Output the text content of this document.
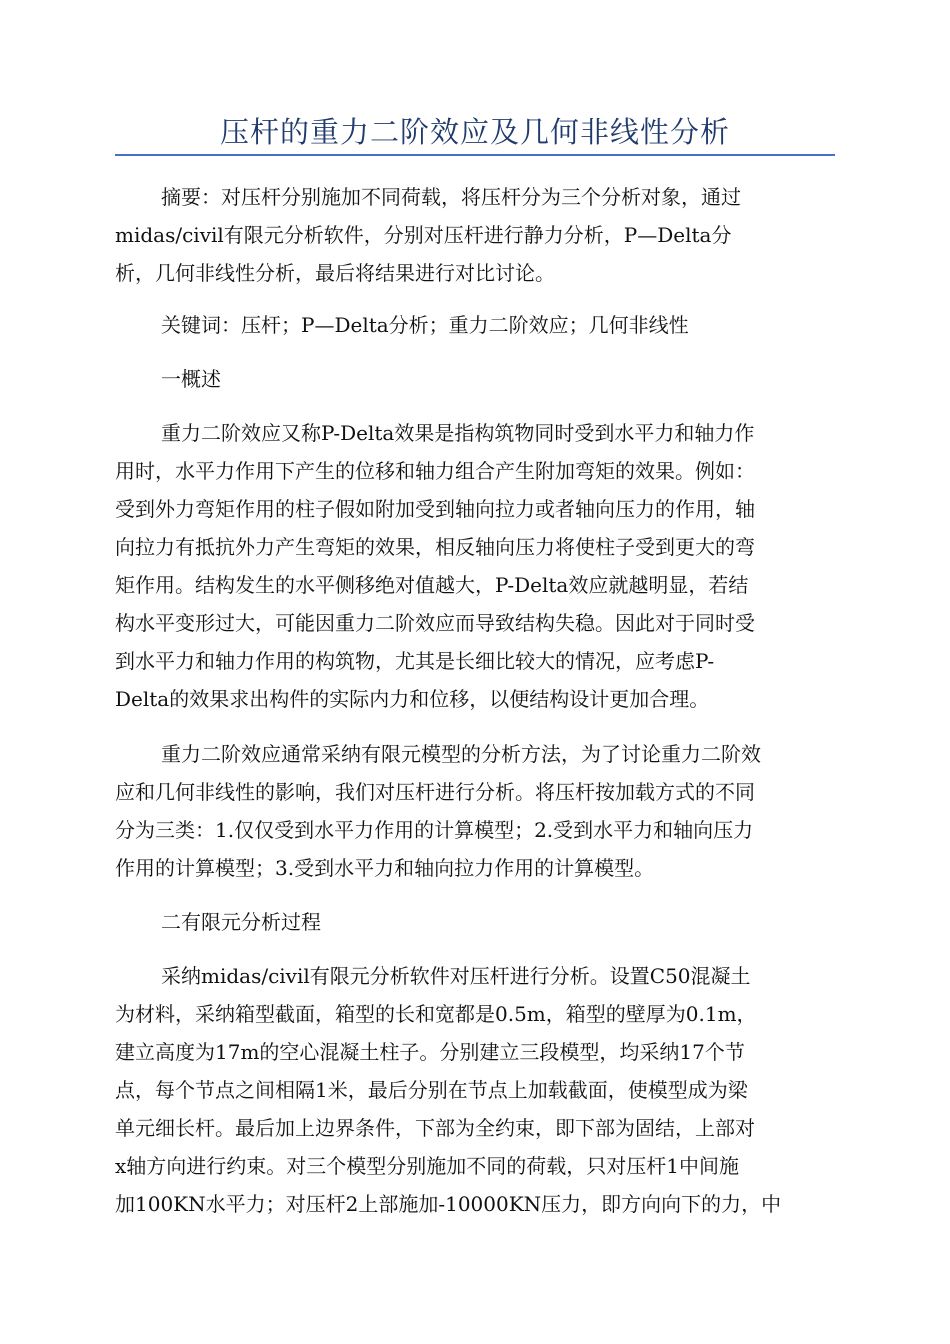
压杆的重力二阶效应及几何非线性分析
摘要：对压杆分别施加不同荷载，将压杆分为三个分析对象，通过
midas/civil有限元分析软件，分别对压杆进行静力分析，P—Delta分
析，几何非线性分析，最后将结果进行对比讨论。
关键词：压杆；P—Delta分析；重力二阶效应；几何非线性
一概述
重力二阶效应又称P-Delta效果是指构筑物同时受到水平力和轴力作
用时，水平力作用下产生的位移和轴力组合产生附加弯矩的效果。例如：
受到外力弯矩作用的柱子假如附加受到轴向拉力或者轴向压力的作用，轴
向拉力有抵抗外力产生弯矩的效果，相反轴向压力将使柱子受到更大的弯
矩作用。结构发生的水平侧移绝对值越大，P-Delta效应就越明显，若结
构水平变形过大，可能因重力二阶效应而导致结构失稳。因此对于同时受
到水平力和轴力作用的构筑物，尤其是长细比较大的情况，应考虑P-
Delta的效果求出构件的实际内力和位移，以便结构设计更加合理。
重力二阶效应通常采纳有限元模型的分析方法，为了讨论重力二阶效
应和几何非线性的影响，我们对压杆进行分析。将压杆按加载方式的不同
分为三类：1.仅仅受到水平力作用的计算模型；2.受到水平力和轴向压力
作用的计算模型；3.受到水平力和轴向拉力作用的计算模型。
二有限元分析过程
采纳midas/civil有限元分析软件对压杆进行分析。设置C50混凝土
为材料，采纳箱型截面，箱型的长和宽都是0.5m，箱型的壁厚为0.1m，
建立高度为17m的空心混凝土柱子。分别建立三段模型，均采纳17个节
点，每个节点之间相隔1米，最后分别在节点上加载截面，使模型成为梁
单元细长杆。最后加上边界条件，下部为全约束，即下部为固结，上部对
x轴方向进行约束。对三个模型分别施加不同的荷载，只对压杆1中间施
加100KN水平力；对压杆2上部施加-10000KN压力，即方向向下的力，中
